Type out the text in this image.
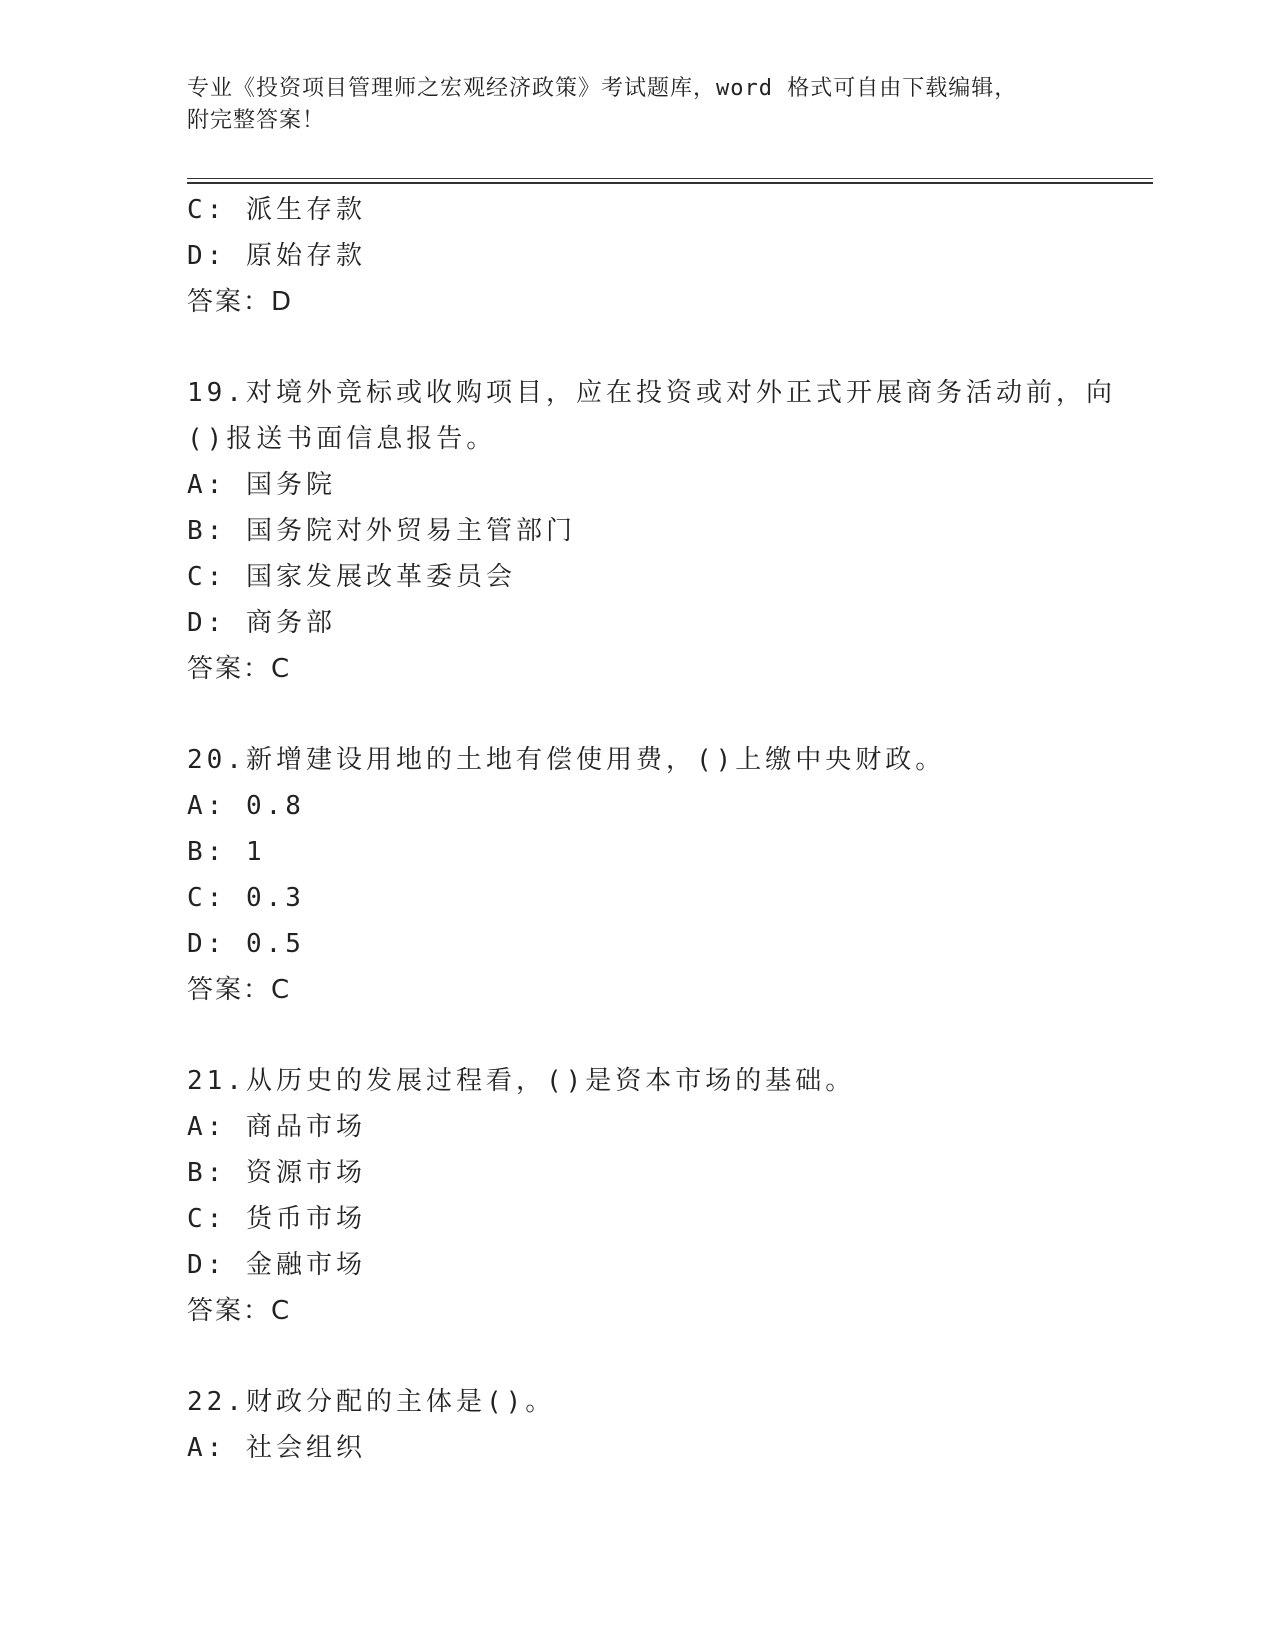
专业《投资项目管理师之宏观经济政策》考试题库，word 格式可自由下载编辑，
附完整答案！
C: 派生存款
D: 原始存款
答案：D
19.对境外竞标或收购项目，应在投资或对外正式开展商务活动前，向
()报送书面信息报告。
A: 国务院
B: 国务院对外贸易主管部门
C: 国家发展改革委员会
D: 商务部
答案：C
20.新增建设用地的土地有偿使用费，()上缴中央财政。
A: 0.8
B: 1
C: 0.3
D: 0.5
答案：C
21.从历史的发展过程看，()是资本市场的基础。
A: 商品市场
B: 资源市场
C: 货币市场
D: 金融市场
答案：C
22.财政分配的主体是()。
A: 社会组织
